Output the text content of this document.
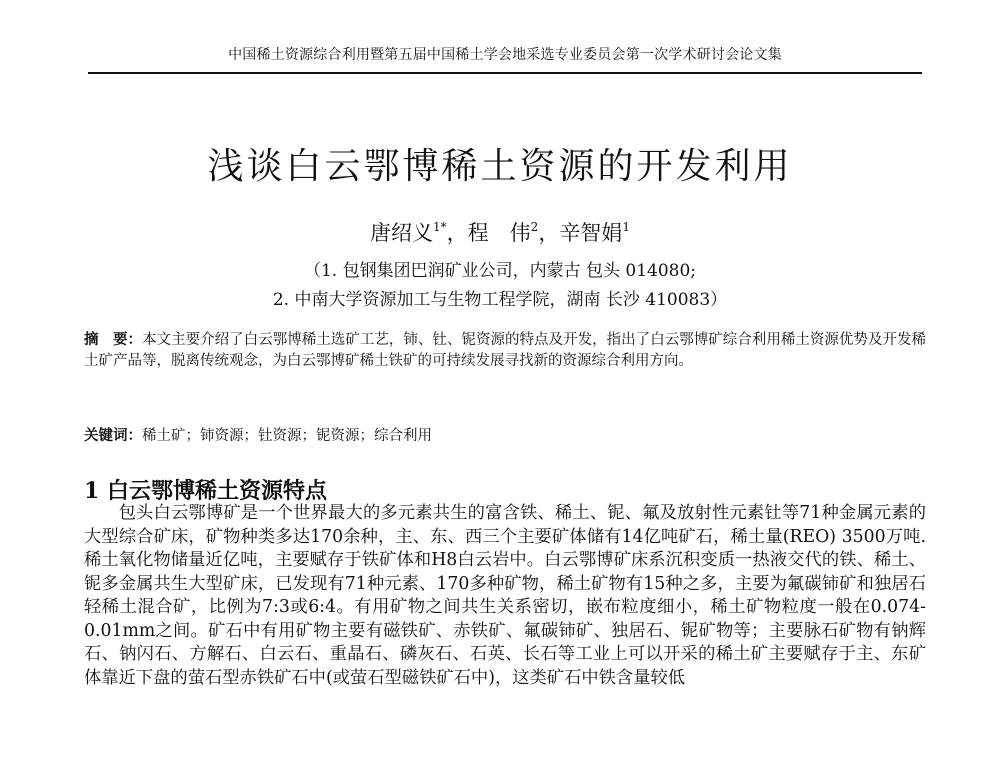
中国稀土资源综合利用暨第五届中国稀土学会地采选专业委员会第一次学术研讨会论文集
浅谈白云鄂博稀土资源的开发利用
唐绍义$^{1*}$，程　伟$^2$，辛智娟$^1$
（1. 包钢集团巴润矿业公司，内蒙古 包头 014080;
2. 中南大学资源加工与生物工程学院，湖南 长沙 410083）
摘　要：本文主要介绍了白云鄂博稀土选矿工艺，铈、钍、铌资源的特点及开发，指出了白云鄂博矿综合利用稀土资源优势及开发稀土矿产品等，脱离传统观念，为白云鄂博矿稀土铁矿的可持续发展寻找新的资源综合利用方向。
关键词：稀土矿；铈资源；钍资源；铌资源；综合利用
1 白云鄂博稀土资源特点
包头白云鄂博矿是一个世界最大的多元素共生的富含铁、稀土、铌、氟及放射性元素钍等71种金属元素的大型综合矿床，矿物种类多达170余种，主、东、西三个主要矿体储有14亿吨矿石，稀土量(REO) 3500万吨.稀土氧化物储量近亿吨，主要赋存于铁矿体和H8白云岩中。白云鄂博矿床系沉积变质一热液交代的铁、稀土、铌多金属共生大型矿床，已发现有71种元素、170多种矿物，稀土矿物有15种之多，主要为氟碳铈矿和独居石轻稀土混合矿，比例为7:3或6:4。有用矿物之间共生关系密切，嵌布粒度细小，稀土矿物粒度一般在0.074-0.01mm之间。矿石中有用矿物主要有磁铁矿、赤铁矿、氟碳铈矿、独居石、铌矿物等；主要脉石矿物有钠辉石、钠闪石、方解石、白云石、重晶石、磷灰石、石英、长石等工业上可以开采的稀土矿主要赋存于主、东矿体靠近下盘的萤石型赤铁矿石中(或萤石型磁铁矿石中)，这类矿石中铁含量较低
